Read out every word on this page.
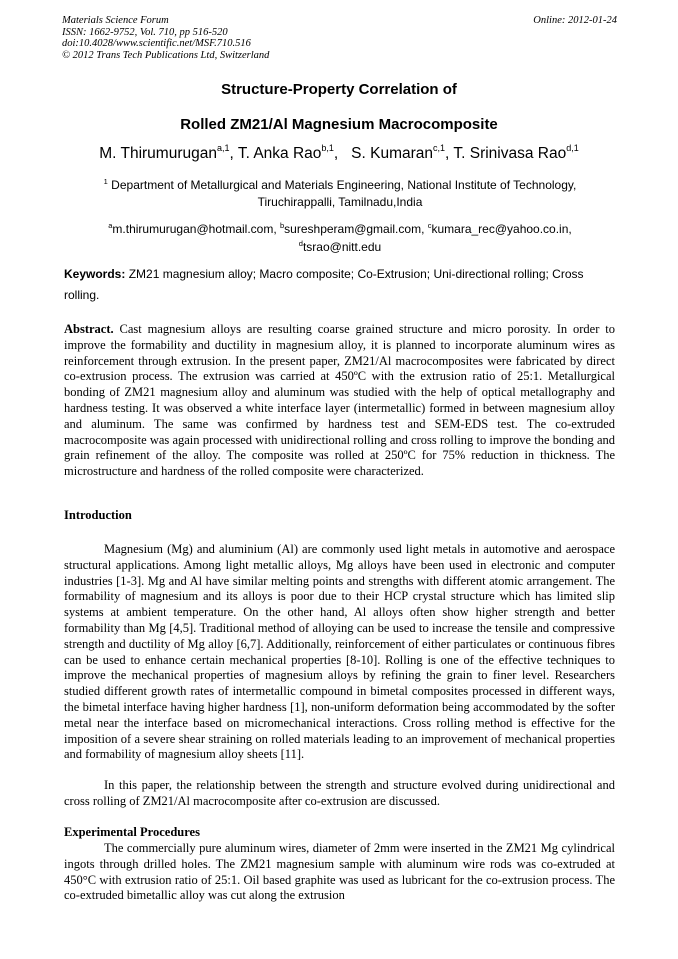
Materials Science Forum	Online: 2012-01-24
ISSN: 1662-9752, Vol. 710, pp 516-520
doi:10.4028/www.scientific.net/MSF.710.516
© 2012 Trans Tech Publications Ltd, Switzerland
Structure-Property Correlation of
Rolled ZM21/Al Magnesium Macrocomposite
M. Thirumurugan$^{a,1}$, T. Anka Rao$^{b,1}$,   S. Kumaran$^{c,1}$, T. Srinivasa Rao$^{d,1}$
$^1$ Department of Metallurgical and Materials Engineering, National Institute of Technology,
Tiruchirappalli, Tamilnadu,India
$^a$m.thirumurugan@hotmail.com, $^b$sureshperam@gmail.com, $^c$kumara_rec@yahoo.co.in,
$^d$tsrao@nitt.edu
Keywords: ZM21 magnesium alloy; Macro composite; Co-Extrusion; Uni-directional rolling; Cross rolling.

Abstract. Cast magnesium alloys are resulting coarse grained structure and micro porosity. In order to improve the formability and ductility in magnesium alloy, it is planned to incorporate aluminum wires as reinforcement through extrusion. In the present paper, ZM21/Al macrocomposites were fabricated by direct co-extrusion process. The extrusion was carried at 450ºC with the extrusion ratio of 25:1. Metallurgical bonding of ZM21 magnesium alloy and aluminum was studied with the help of optical metallography and hardness testing. It was observed a white interface layer (intermetallic) formed in between magnesium alloy and aluminum. The same was confirmed by hardness test and SEM-EDS test. The co-extruded macrocomposite was again processed with unidirectional rolling and cross rolling to improve the bonding and grain refinement of the alloy. The composite was rolled at 250ºC for 75% reduction in thickness. The microstructure and hardness of the rolled composite were characterized.

Introduction

Magnesium (Mg) and aluminium (Al) are commonly used light metals in automotive and aerospace structural applications. Among light metallic alloys, Mg alloys have been used in electronic and computer industries [1-3]. Mg and Al have similar melting points and strengths with different atomic arrangement. The formability of magnesium and its alloys is poor due to their HCP crystal structure which has limited slip systems at ambient temperature. On the other hand, Al alloys often show higher strength and better formability than Mg [4,5]. Traditional method of alloying can be used to increase the tensile and compressive strength and ductility of Mg alloy [6,7]. Additionally, reinforcement of either particulates or continuous fibres can be used to enhance certain mechanical properties [8-10]. Rolling is one of the effective techniques to improve the mechanical properties of magnesium alloys by refining the grain to finer level. Researchers studied different growth rates of intermetallic compound in bimetal composites processed in different ways, the bimetal interface having higher hardness [1], non-uniform deformation being accommodated by the softer metal near the interface based on micromechanical interactions. Cross rolling method is effective for the imposition of a severe shear straining on rolled materials leading to an improvement of mechanical properties and formability of magnesium alloy sheets [11].

In this paper, the relationship between the strength and structure evolved during unidirectional and cross rolling of ZM21/Al macrocomposite after co-extrusion are discussed.

Experimental Procedures

The commercially pure aluminum wires, diameter of 2mm were inserted in the ZM21 Mg cylindrical ingots through drilled holes. The ZM21 magnesium sample with aluminum wire rods was co-extruded at 450°C with extrusion ratio of 25:1. Oil based graphite was used as lubricant for the co-extrusion process. The co-extruded bimetallic alloy was cut along the extrusion
